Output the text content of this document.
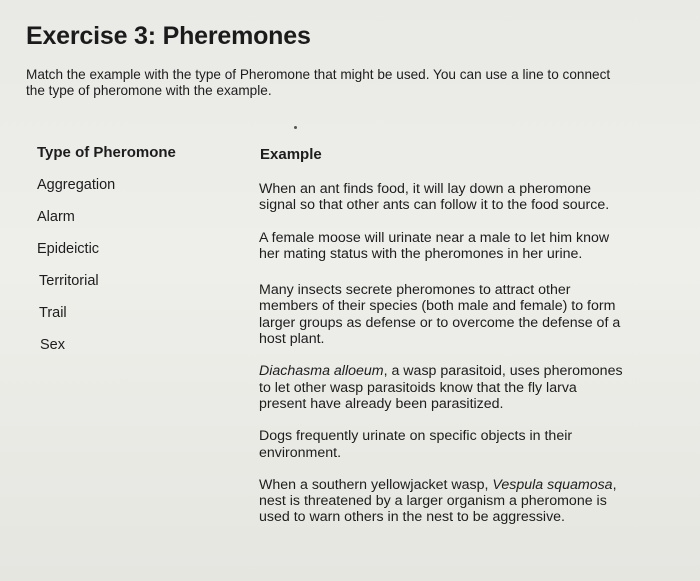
Exercise 3: Pheremones

Match the example with the type of Pheromone that might be used. You can use a line to connect the type of pheromone with the example.

Type of Pheromone	Example
Aggregation
Alarm
Epideictic
Territorial
Trail
Sex

When an ant finds food, it will lay down a pheromone signal so that other ants can follow it to the food source.

A female moose will urinate near a male to let him know her mating status with the pheromones in her urine.

Many insects secrete pheromones to attract other members of their species (both male and female) to form larger groups as defense or to overcome the defense of a host plant.

Diachasma alloeum, a wasp parasitoid, uses pheromones to let other wasp parasitoids know that the fly larva present have already been parasitized.

Dogs frequently urinate on specific objects in their environment.

When a southern yellowjacket wasp, Vespula squamosa, nest is threatened by a larger organism a pheromone is used to warn others in the nest to be aggressive.
